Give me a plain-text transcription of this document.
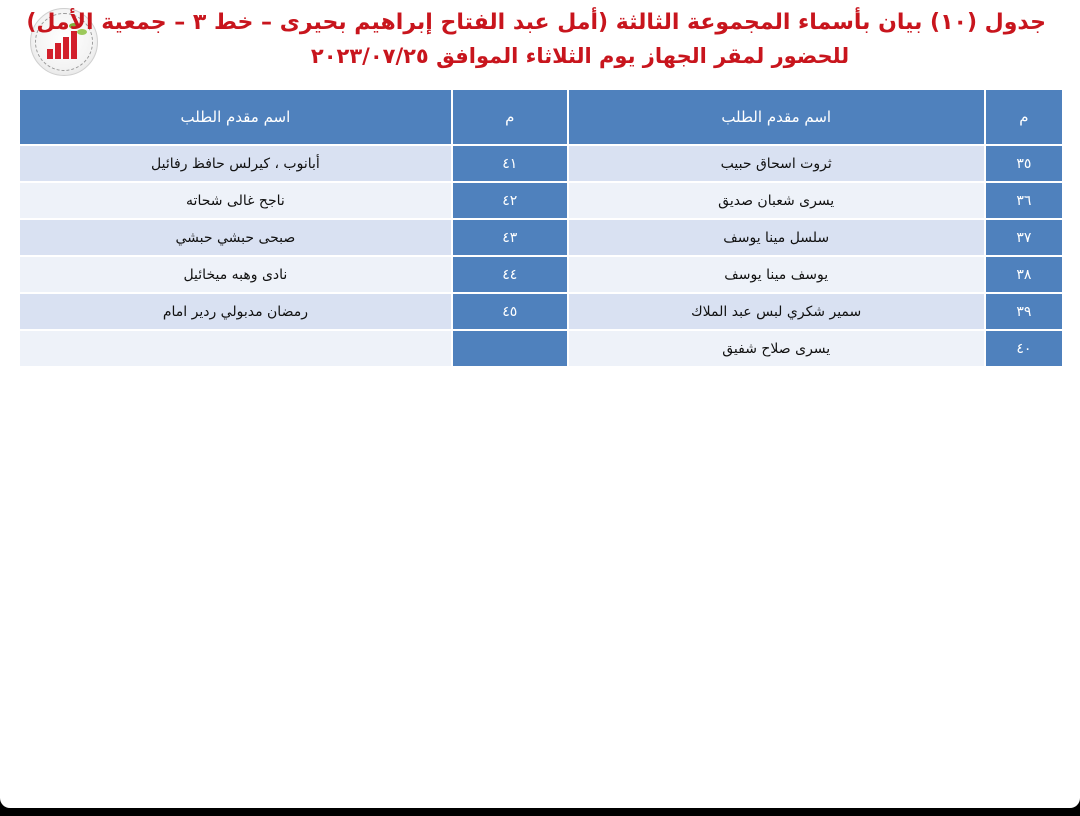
جدول (١٠) بيان بأسماء المجموعة الثالثة (أمل عبد الفتاح إبراهيم بحيرى – خط ٣ – جمعية الأمل)
للحضور لمقر الجهاز يوم الثلاثاء الموافق ٢٠٢٣/٠٧/٢٥
م	اسم مقدم الطلب	م	اسم مقدم الطلب
٣٥	ثروت اسحاق حبيب	٤١	أبانوب ، كيرلس حافظ رفائيل
٣٦	يسرى شعبان صديق	٤٢	ناجح غالى شحاته
٣٧	سلسل مينا يوسف	٤٣	صبحى حبشي حبشي
٣٨	يوسف مينا يوسف	٤٤	نادى وهبه ميخائيل
٣٩	سمير شكري لبس عبد الملاك	٤٥	رمضان مدبولي ردير امام
٤٠	يسرى صلاح شفيق		
